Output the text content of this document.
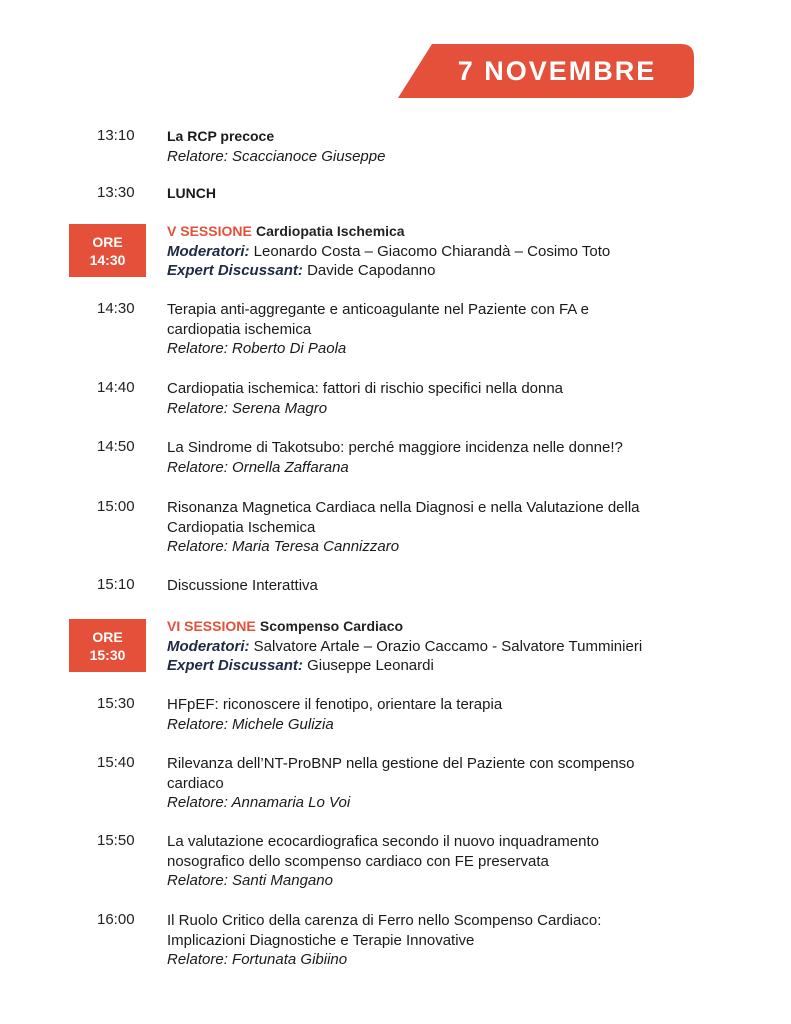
7 NOVEMBRE
13:10	La RCP precoce
Relatore: Scaccianoce Giuseppe
13:30	LUNCH
ORE
14:30
V SESSIONE Cardiopatia Ischemica
Moderatori: Leonardo Costa – Giacomo Chiarandà – Cosimo Toto
Expert Discussant: Davide Capodanno
14:30	Terapia anti-aggregante e anticoagulante nel Paziente con FA e
cardiopatia ischemica
Relatore: Roberto Di Paola
14:40	Cardiopatia ischemica: fattori di rischio specifici nella donna
Relatore: Serena Magro
14:50	La Sindrome di Takotsubo: perché maggiore incidenza nelle donne!?
Relatore: Ornella Zaffarana
15:00	Risonanza Magnetica Cardiaca nella Diagnosi e nella Valutazione della
Cardiopatia Ischemica
Relatore: Maria Teresa Cannizzaro
15:10	Discussione Interattiva
ORE
15:30
VI SESSIONE Scompenso Cardiaco
Moderatori: Salvatore Artale – Orazio Caccamo - Salvatore Tumminieri
Expert Discussant: Giuseppe Leonardi
15:30	HFpEF: riconoscere il fenotipo, orientare la terapia
Relatore: Michele Gulizia
15:40	Rilevanza dell’NT-ProBNP nella gestione del Paziente con scompenso
cardiaco
Relatore: Annamaria Lo Voi
15:50	La valutazione ecocardiografica secondo il nuovo inquadramento
nosografico dello scompenso cardiaco con FE preservata
Relatore: Santi Mangano
16:00	Il Ruolo Critico della carenza di Ferro nello Scompenso Cardiaco:
Implicazioni Diagnostiche e Terapie Innovative
Relatore: Fortunata Gibiino
